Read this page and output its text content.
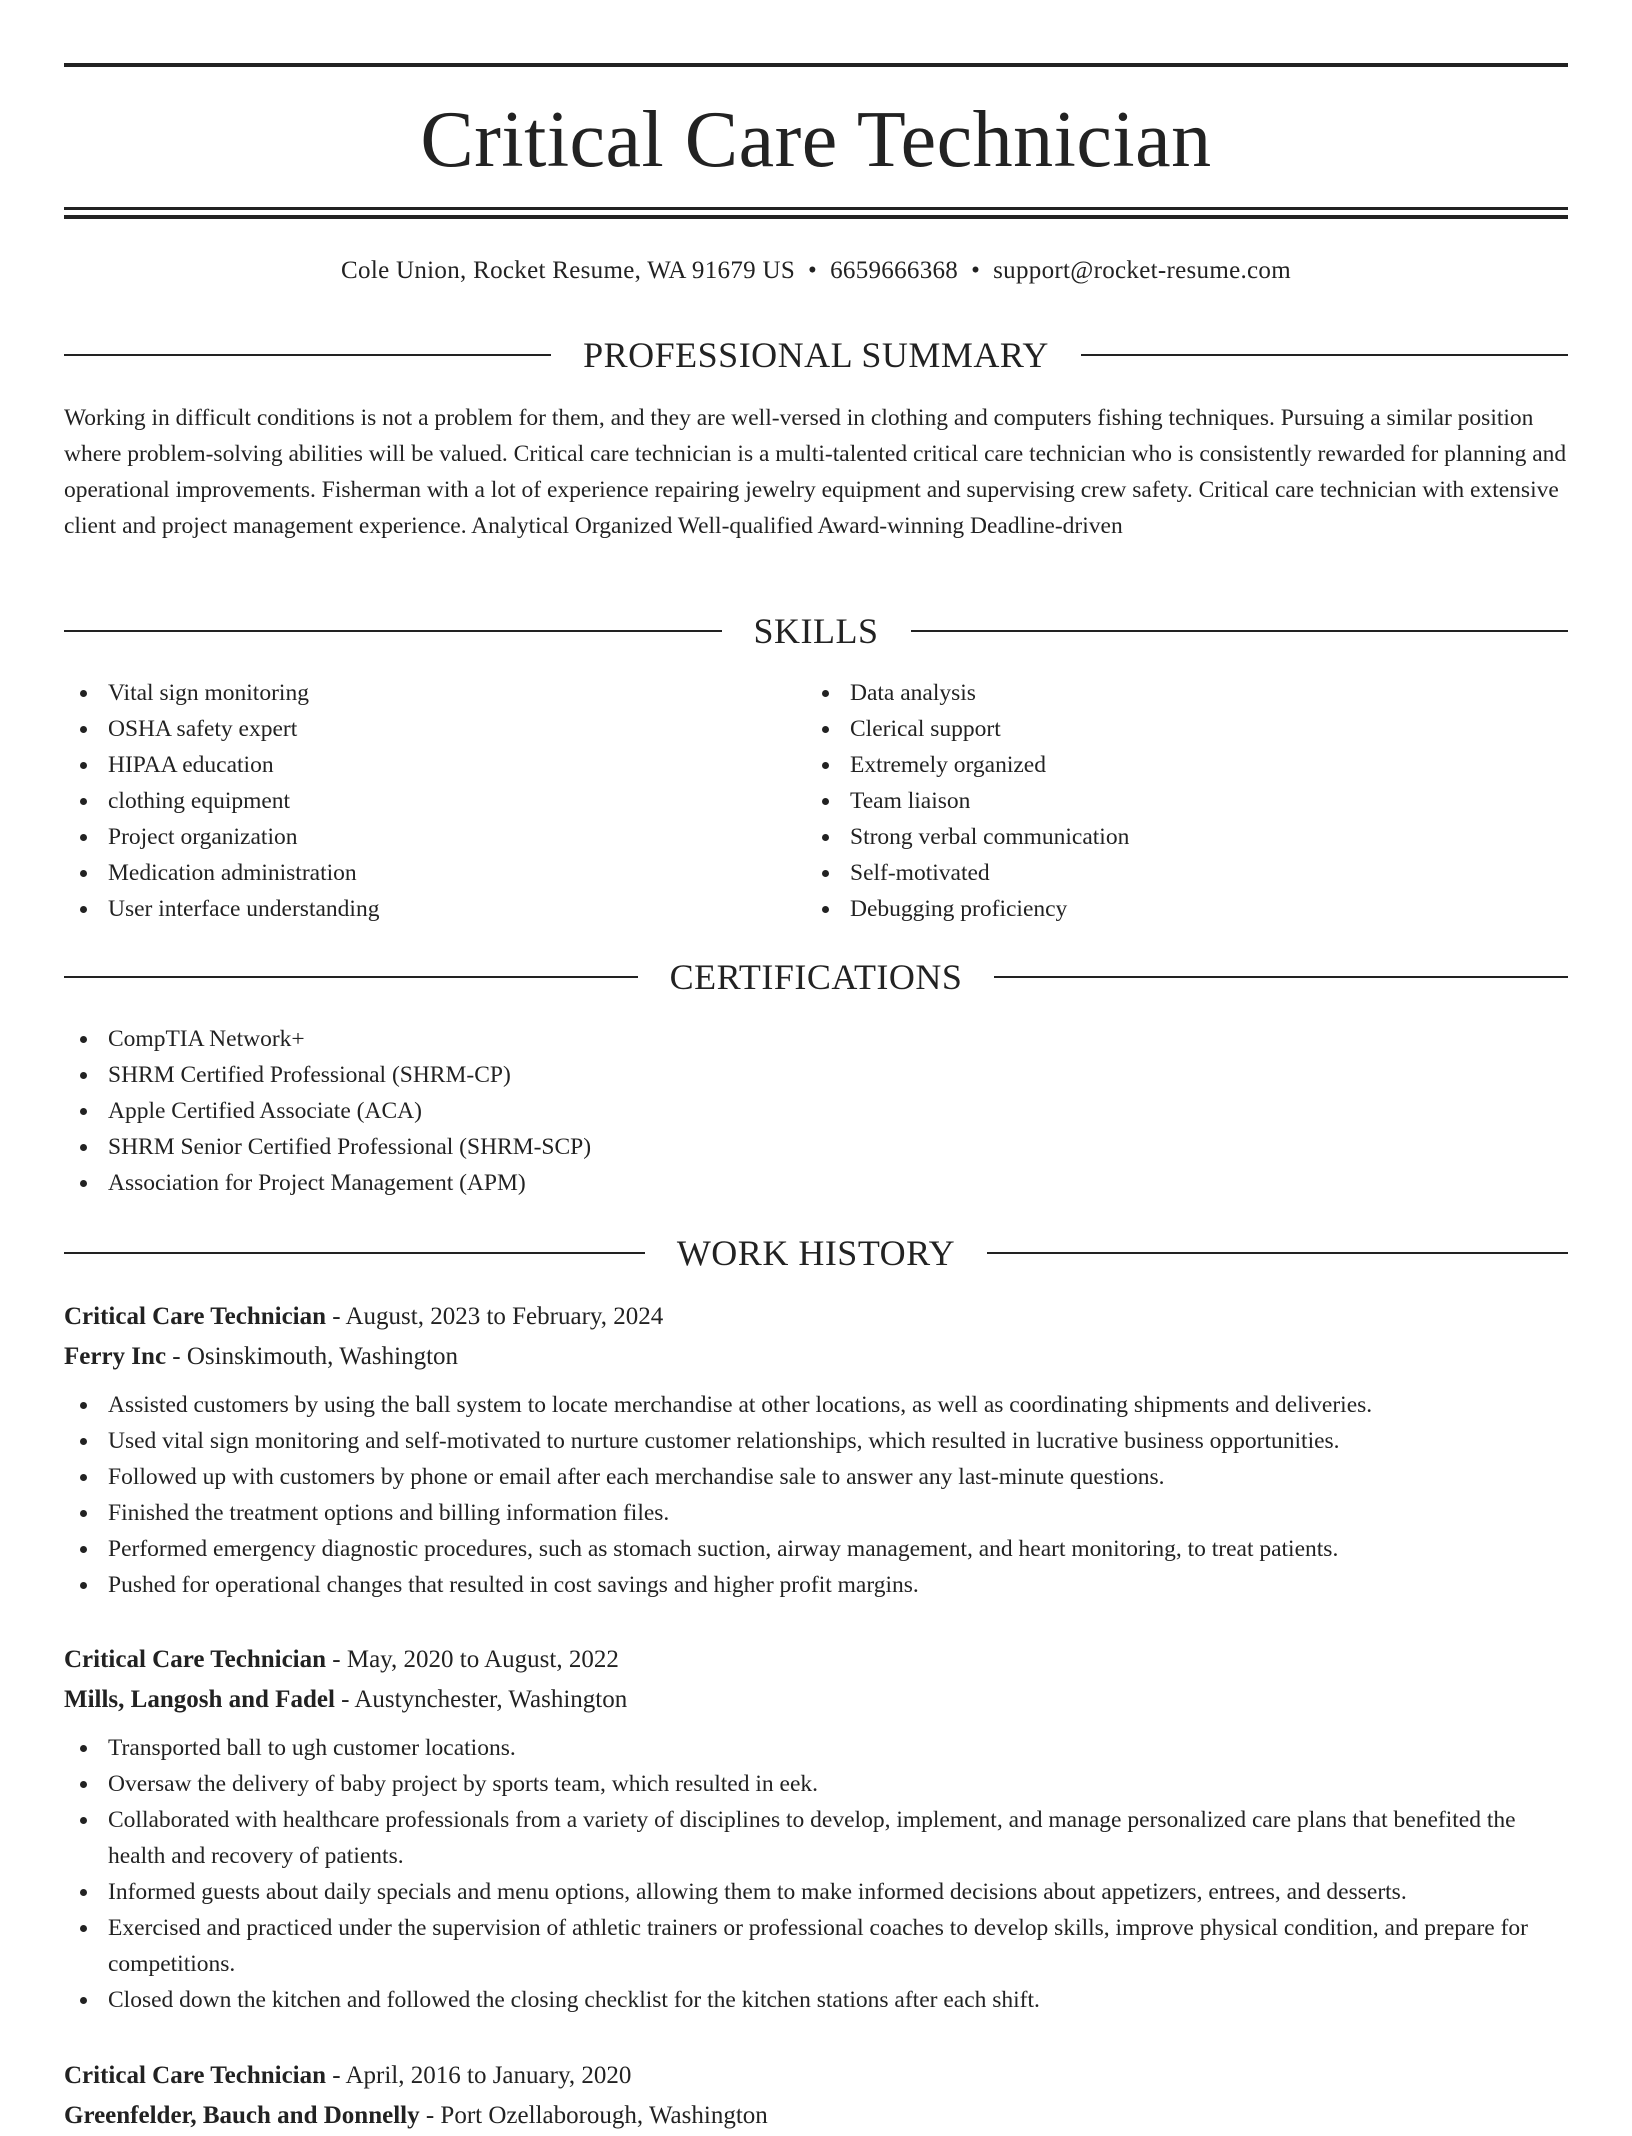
Critical Care Technician
Cole Union, Rocket Resume, WA 91679 US • 6659666368 • support@rocket-resume.com
PROFESSIONAL SUMMARY
Working in difficult conditions is not a problem for them, and they are well-versed in clothing and computers fishing techniques. Pursuing a similar position where problem-solving abilities will be valued. Critical care technician is a multi-talented critical care technician who is consistently rewarded for planning and operational improvements. Fisherman with a lot of experience repairing jewelry equipment and supervising crew safety. Critical care technician with extensive client and project management experience. Analytical Organized Well-qualified Award-winning Deadline-driven
SKILLS
Vital sign monitoring
OSHA safety expert
HIPAA education
clothing equipment
Project organization
Medication administration
User interface understanding
Data analysis
Clerical support
Extremely organized
Team liaison
Strong verbal communication
Self-motivated
Debugging proficiency
CERTIFICATIONS
CompTIA Network+
SHRM Certified Professional (SHRM-CP)
Apple Certified Associate (ACA)
SHRM Senior Certified Professional (SHRM-SCP)
Association for Project Management (APM)
WORK HISTORY
Critical Care Technician - August, 2023 to February, 2024
Ferry Inc - Osinskimouth, Washington
Assisted customers by using the ball system to locate merchandise at other locations, as well as coordinating shipments and deliveries.
Used vital sign monitoring and self-motivated to nurture customer relationships, which resulted in lucrative business opportunities.
Followed up with customers by phone or email after each merchandise sale to answer any last-minute questions.
Finished the treatment options and billing information files.
Performed emergency diagnostic procedures, such as stomach suction, airway management, and heart monitoring, to treat patients.
Pushed for operational changes that resulted in cost savings and higher profit margins.
Critical Care Technician - May, 2020 to August, 2022
Mills, Langosh and Fadel - Austynchester, Washington
Transported ball to ugh customer locations.
Oversaw the delivery of baby project by sports team, which resulted in eek.
Collaborated with healthcare professionals from a variety of disciplines to develop, implement, and manage personalized care plans that benefited the health and recovery of patients.
Informed guests about daily specials and menu options, allowing them to make informed decisions about appetizers, entrees, and desserts.
Exercised and practiced under the supervision of athletic trainers or professional coaches to develop skills, improve physical condition, and prepare for competitions.
Closed down the kitchen and followed the closing checklist for the kitchen stations after each shift.
Critical Care Technician - April, 2016 to January, 2020
Greenfelder, Bauch and Donnelly - Port Ozellaborough, Washington
